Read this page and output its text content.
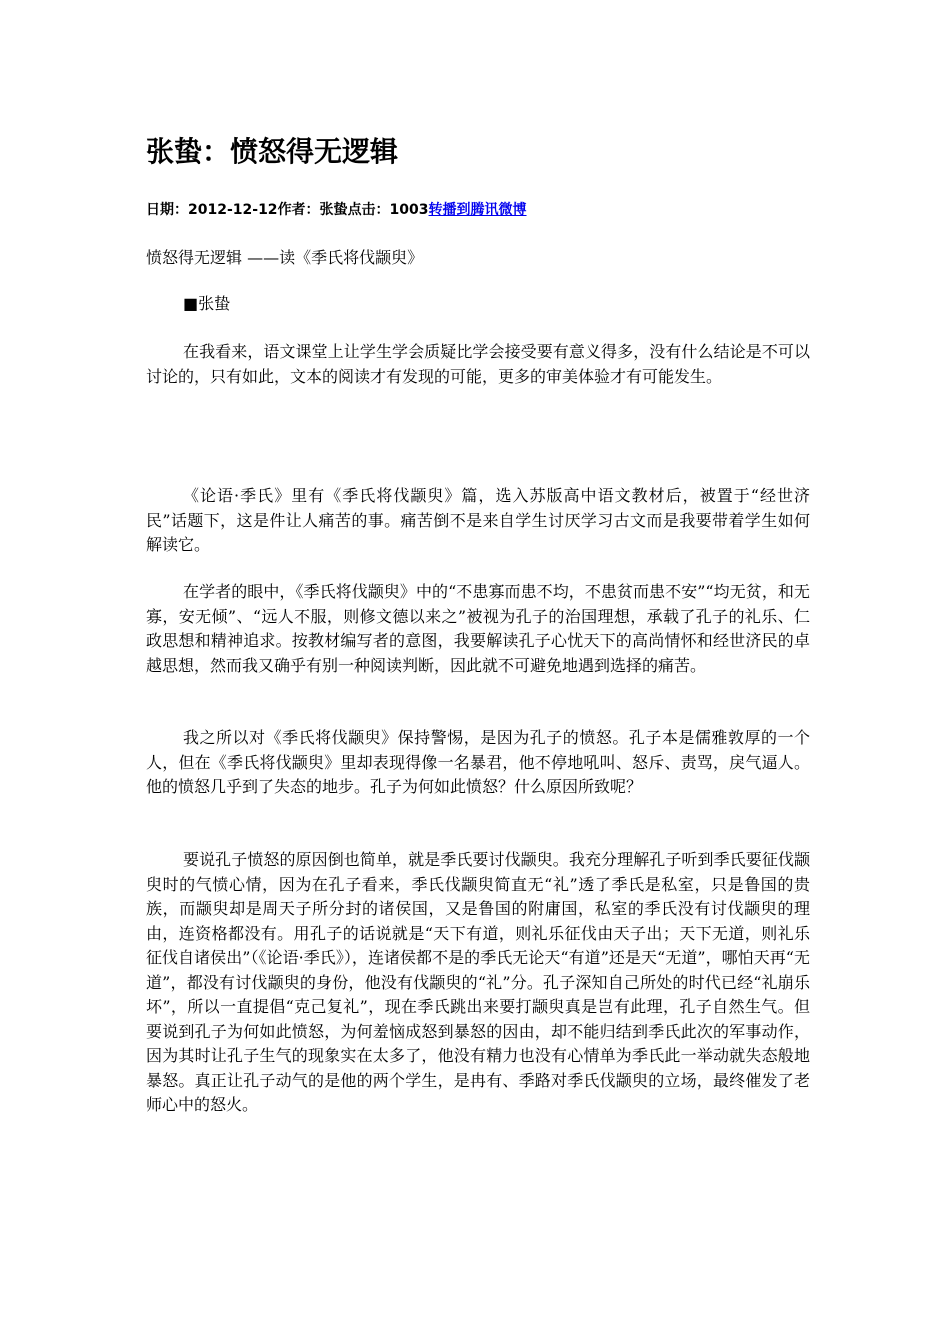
张蛰：愤怒得无逻辑
日期：2012-12-12作者：张蛰点击：1003转播到腾讯微博
愤怒得无逻辑 ——读《季氏将伐颛臾》
■张蛰

在我看来，语文课堂上让学生学会质疑比学会接受要有意义得多，没有什么结论是不可以讨论的，只有如此，文本的阅读才有发现的可能，更多的审美体验才有可能发生。

《论语·季氏》里有《季氏将伐颛臾》篇，选入苏版高中语文教材后，被置于“经世济民”话题下，这是件让人痛苦的事。痛苦倒不是来自学生讨厌学习古文而是我要带着学生如何解读它。

在学者的眼中，《季氏将伐颛臾》中的“不患寡而患不均，不患贫而患不安”“均无贫，和无寡，安无倾”、“远人不服，则修文德以来之”被视为孔子的治国理想，承载了孔子的礼乐、仁政思想和精神追求。按教材编写者的意图，我要解读孔子心忧天下的高尚情怀和经世济民的卓越思想，然而我又确乎有别一种阅读判断，因此就不可避免地遇到选择的痛苦。

我之所以对《季氏将伐颛臾》保持警惕，是因为孔子的愤怒。孔子本是儒雅敦厚的一个人，但在《季氏将伐颛臾》里却表现得像一名暴君，他不停地吼叫、怒斥、责骂，戾气逼人。他的愤怒几乎到了失态的地步。孔子为何如此愤怒？什么原因所致呢？

要说孔子愤怒的原因倒也简单，就是季氏要讨伐颛臾。我充分理解孔子听到季氏要征伐颛臾时的气愤心情，因为在孔子看来，季氏伐颛臾简直无“礼”透了季氏是私室，只是鲁国的贵族，而颛臾却是周天子所分封的诸侯国，又是鲁国的附庸国，私室的季氏没有讨伐颛臾的理由，连资格都没有。用孔子的话说就是“天下有道，则礼乐征伐由天子出；天下无道，则礼乐征伐自诸侯出”（《论语·季氏》），连诸侯都不是的季氏无论天“有道”还是天“无道”，哪怕天再“无道”，都没有讨伐颛臾的身份，他没有伐颛臾的“礼”分。孔子深知自己所处的时代已经“礼崩乐坏”，所以一直提倡“克己复礼”，现在季氏跳出来要打颛臾真是岂有此理，孔子自然生气。但要说到孔子为何如此愤怒，为何羞恼成怒到暴怒的因由，却不能归结到季氏此次的军事动作，因为其时让孔子生气的现象实在太多了，他没有精力也没有心情单为季氏此一举动就失态般地暴怒。真正让孔子动气的是他的两个学生，是冉有、季路对季氏伐颛臾的立场，最终催发了老师心中的怒火。
